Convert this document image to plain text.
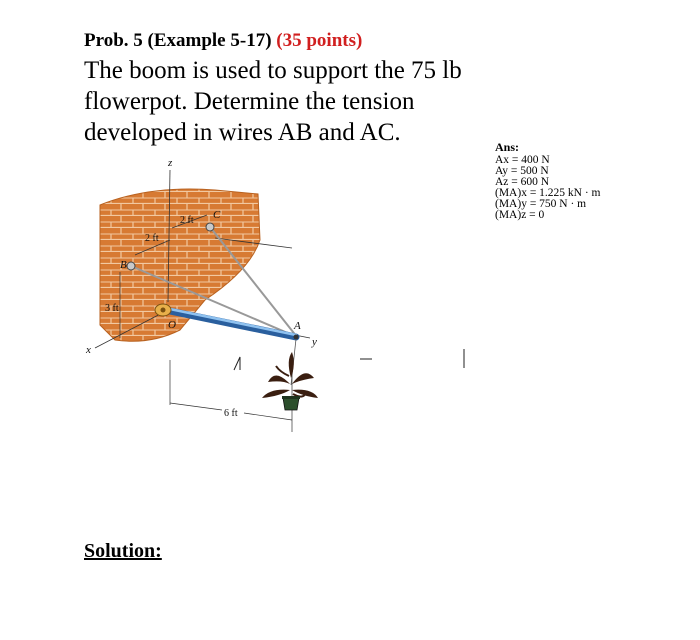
Prob. 5 (Example 5-17) (35 points)
The boom is used to support the 75 lb flowerpot. Determine the tension developed in wires AB and AC.
Ans:
Ax = 400 N
Ay = 500 N
Az = 600 N
(MA)x = 1.225 kN · m
(MA)y = 750 N · m
(MA)z = 0
z
x
y
O
B
C
A
2 ft
2 ft
3 ft
6 ft
Solution:
